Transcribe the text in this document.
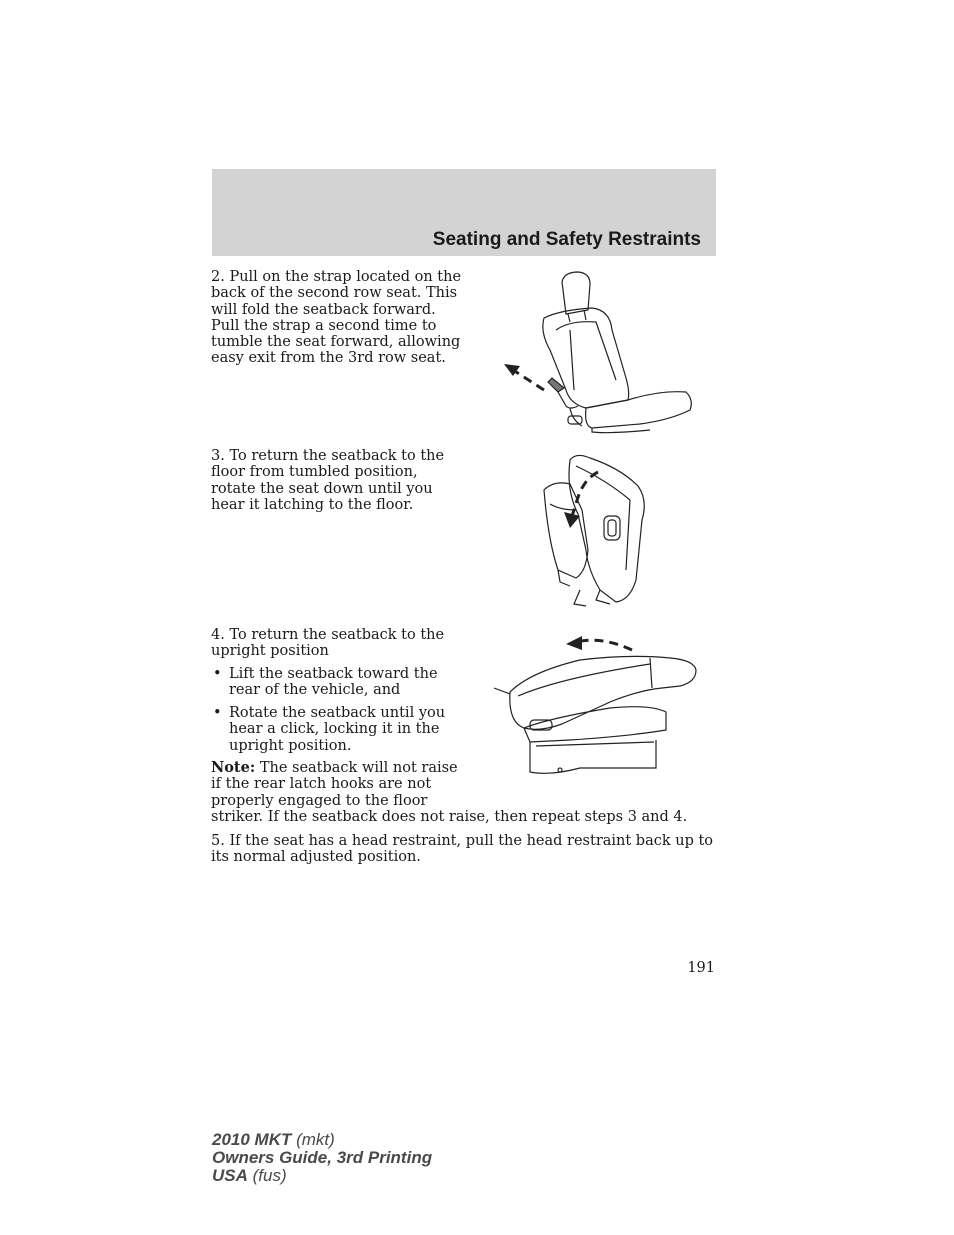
Seating and Safety Restraints

2. Pull on the strap located on the back of the second row seat. This will fold the seatback forward. Pull the strap a second time to tumble the seat forward, allowing easy exit from the 3rd row seat.

3. To return the seatback to the floor from tumbled position, rotate the seat down until you hear it latching to the floor.

4. To return the seatback to the upright position

• Lift the seatback toward the rear of the vehicle, and
• Rotate the seatback until you hear a click, locking it in the upright position.
Note: The seatback will not raise if the rear latch hooks are not properly engaged to the floor
striker. If the seatback does not raise, then repeat steps 3 and 4.

5. If the seat has a head restraint, pull the head restraint back up to its normal adjusted position.

191
2010 MKT (mkt)
Owners Guide, 3rd Printing
USA (fus)
